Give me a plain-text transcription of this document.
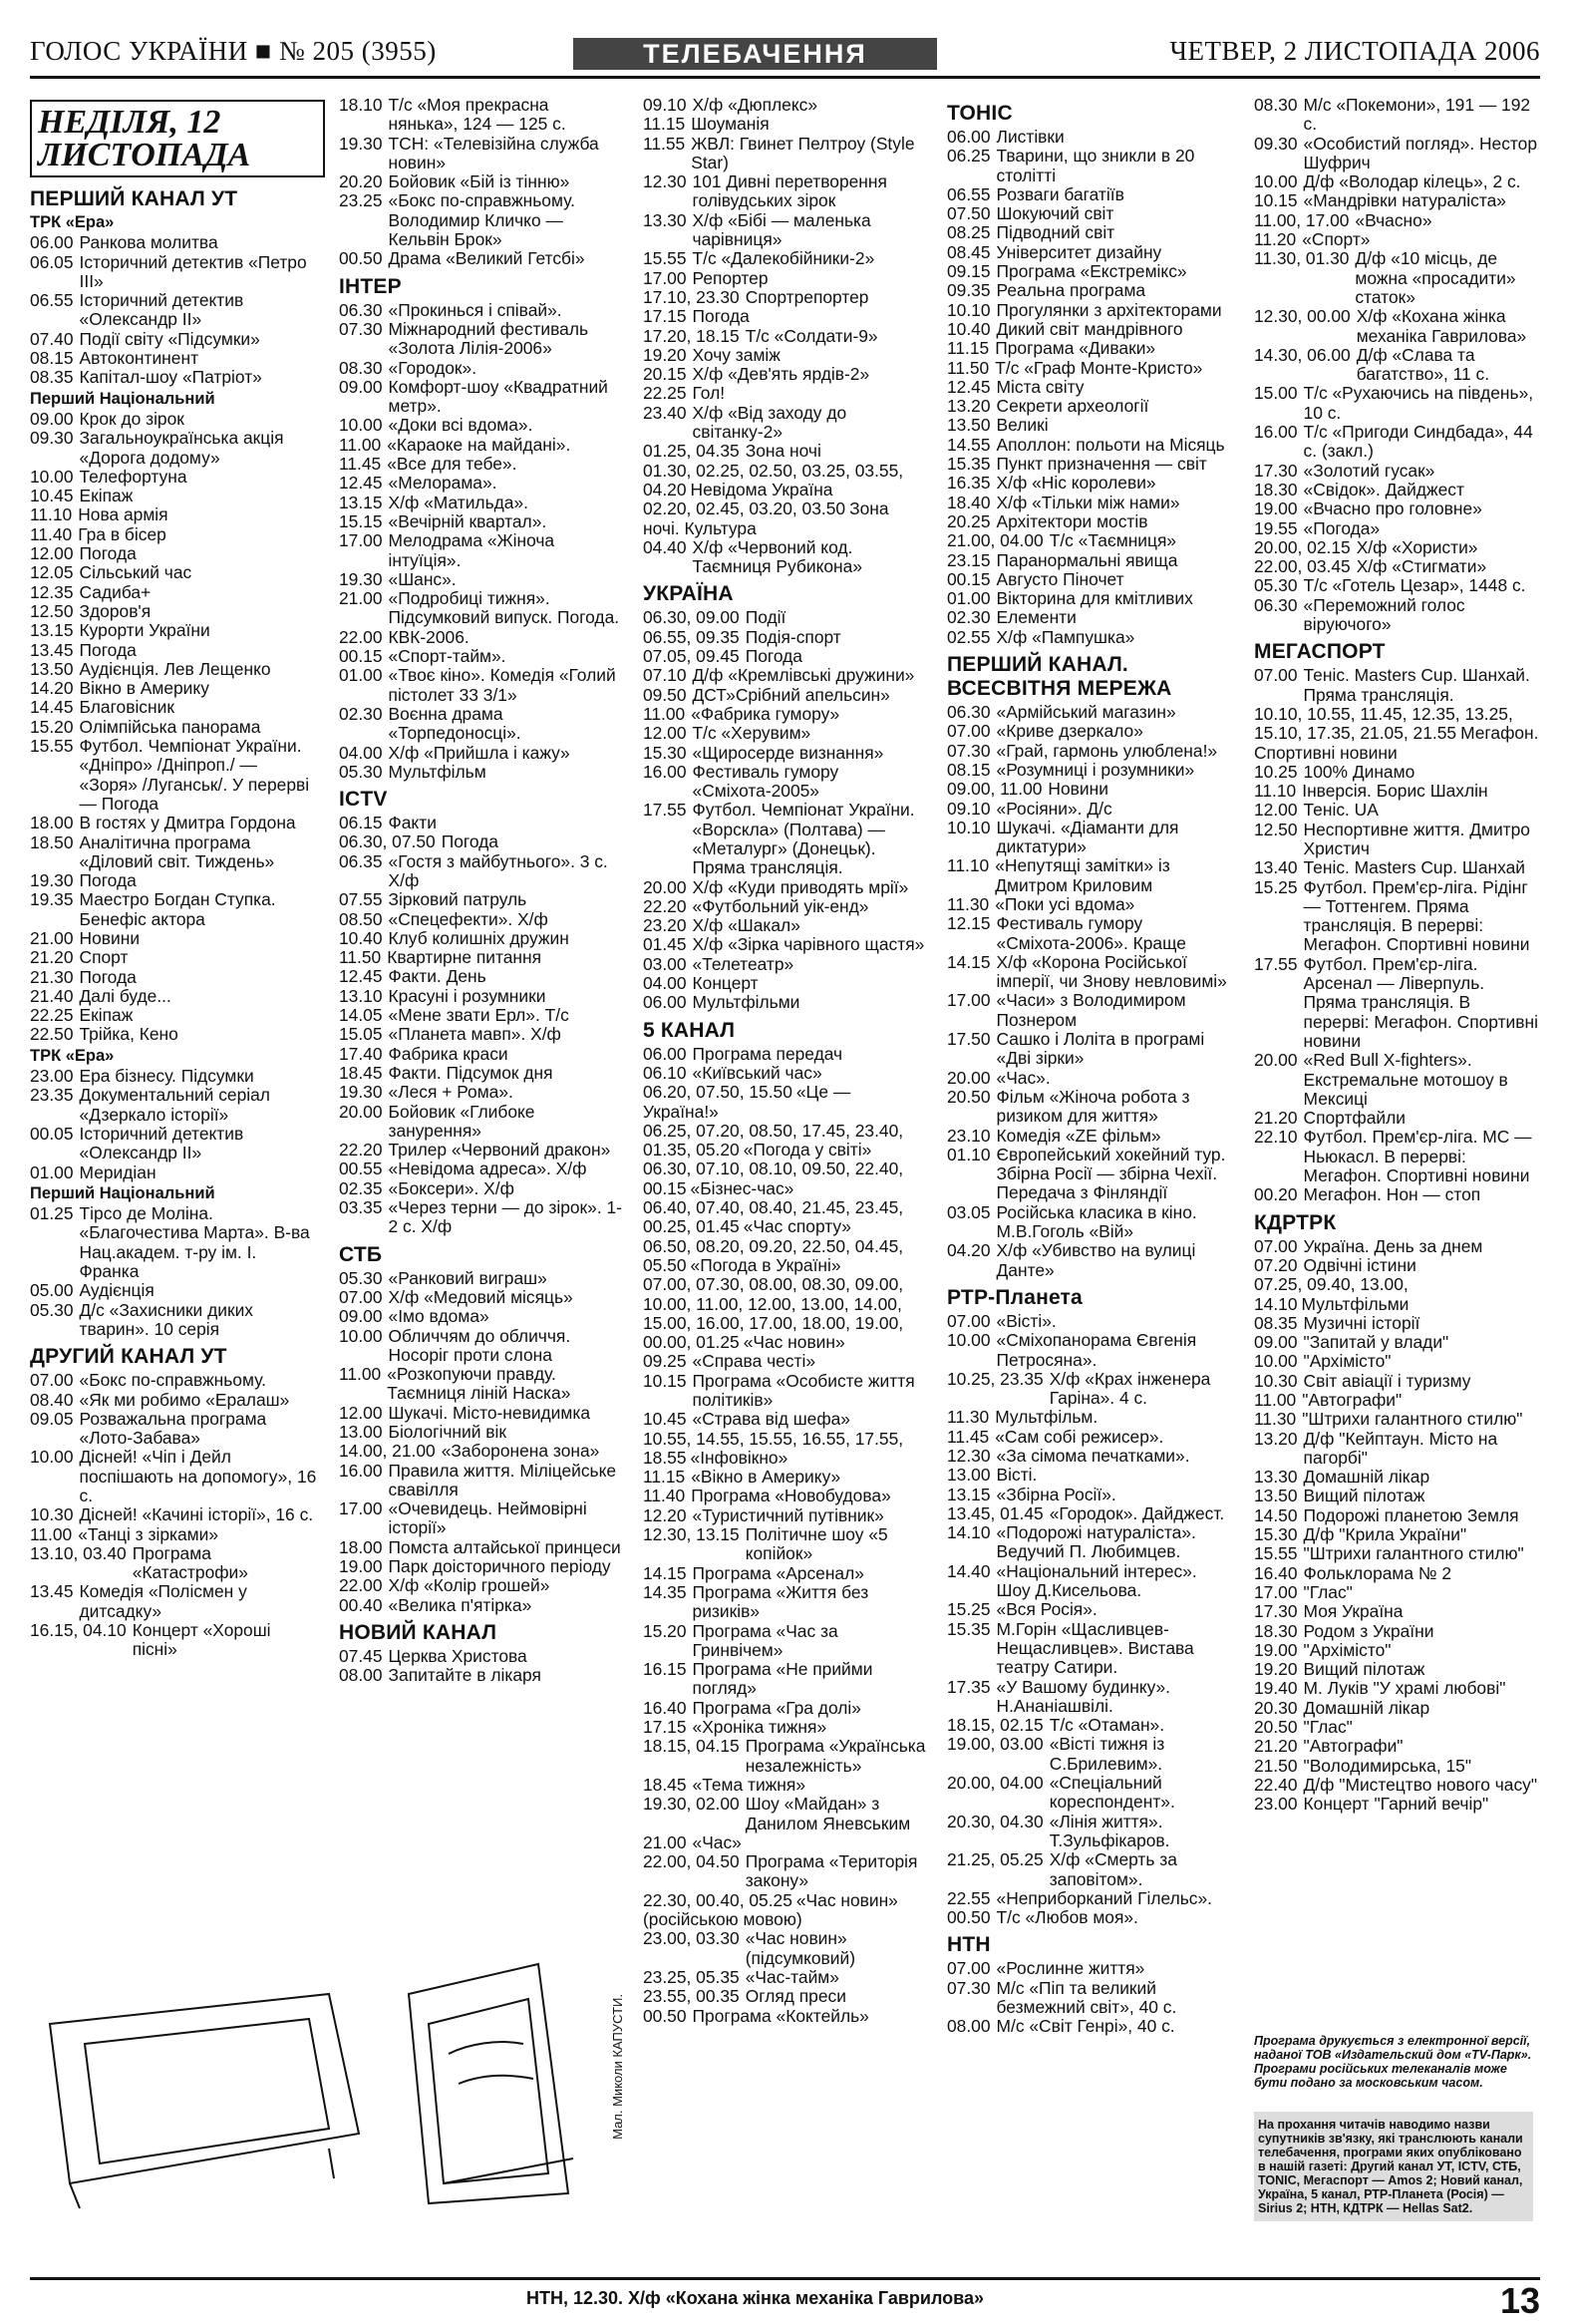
ГОЛОС УКРАЇНИ ■ № 205 (3955)	ТЕЛЕБАЧЕННЯ	ЧЕТВЕР, 2 ЛИСТОПАДА 2006
НЕДІЛЯ, 12 ЛИСТОПАДА
ПЕРШИЙ КАНАЛ УТ
ТРК «Ера»
06.00 Ранкова молитва
06.05 Історичний детектив «Петро III»
06.55 Історичний детектив «Олександр II»
07.40 Події світу «Підсумки»
08.15 Автоконтинент
08.35 Капітал-шоу «Патріот»
Перший Національний
09.00 Крок до зірок
09.30 Загальноукраїнська акція «Дорога додому»
10.00 Телефортуна
10.45 Екіпаж
11.10 Нова армія
11.40 Гра в бісер
12.00 Погода
12.05 Сільський час
12.35 Садиба+
12.50 Здоров'я
13.15 Курорти України
13.45 Погода
13.50 Аудієнція. Лев Лещенко
14.20 Вікно в Америку
14.45 Благовісник
15.20 Олімпійська панорама
15.55 Футбол. Чемпіонат України. «Дніпро» /Дніпроп./ — «Зоря» /Луганськ/. У перерві — Погода
18.00 В гостях у Дмитра Гордона
18.50 Аналітична програма «Діловий світ. Тиждень»
19.30 Погода
19.35 Маестро Богдан Ступка. Бенефіс актора
21.00 Новини
21.20 Спорт
21.30 Погода
21.40 Далі буде...
22.25 Екіпаж
22.50 Трійка, Кено
ТРК «Ера»
23.00 Ера бізнесу. Підсумки
23.35 Документальний серіал «Дзеркало історії»
00.05 Історичний детектив «Олександр II»
01.00 Меридіан
Перший Національний
01.25 Тірсо де Моліна. «Благочестива Марта». В-ва Нац.академ. т-ру ім. І. Франка
05.00 Аудієнція
05.30 Д/с «Захисники диких тварин». 10 серія
ДРУГИЙ КАНАЛ УТ
07.00 «Бокс по-справжньому.
08.40 «Як ми робимо «Ералаш»
09.05 Розважальна програма «Лото-Забава»
10.00 Дісней! «Чіп і Дейл поспішають на допомогу», 16 с.
10.30 Дісней! «Качині історії», 16 с.
11.00 «Танці з зірками»
13.10, 03.40 Програма «Катастрофи»
13.45 Комедія «Полісмен у дитсадку»
16.15, 04.10 Концерт «Хороші пісні»
18.10 Т/с «Моя прекрасна нянька», 124 — 125 с.
19.30 ТСН: «Телевізійна служба новин»
20.20 Бойовик «Бій із тінню»
23.25 «Бокс по-справжньому. Володимир Кличко — Кельвін Брок»
00.50 Драма «Великий Гетсбі»
ІНТЕР
06.30 «Прокинься і співай».
07.30 Міжнародний фестиваль «Золота Лілія-2006»
08.30 «Городок».
09.00 Комфорт-шоу «Квадратний метр».
10.00 «Доки всі вдома».
11.00 «Караоке на майдані».
11.45 «Все для тебе».
12.45 «Мелорама».
13.15 Х/ф «Матильда».
15.15 «Вечірній квартал».
17.00 Мелодрама «Жіноча інтуїція».
19.30 «Шанс».
21.00 «Подробиці тижня». Підсумковий випуск. Погода.
22.00 КВК-2006.
00.15 «Спорт-тайм».
01.00 «Твоє кіно». Комедія «Голий пістолет 33 3/1»
02.30 Воєнна драма «Торпедоносці».
04.00 Х/ф «Прийшла і кажу»
05.30 Мультфільм
ICTV
06.15 Факти
06.30, 07.50 Погода
06.35 «Гостя з майбутнього». 3 с. Х/ф
07.55 Зірковий патруль
08.50 «Спецефекти». Х/ф
10.40 Клуб колишніх дружин
11.50 Квартирне питання
12.45 Факти. День
13.10 Красуні і розумники
14.05 «Мене звати Ерл». Т/с
15.05 «Планета мавп». Х/ф
17.40 Фабрика краси
18.45 Факти. Підсумок дня
19.30 «Леся + Рома».
20.00 Бойовик «Глибоке занурення»
22.20 Трилер «Червоний дракон»
00.55 «Невідома адреса». Х/ф
02.35 «Боксери». Х/ф
03.35 «Через терни — до зірок». 1-2 с. Х/ф
СТБ
05.30 «Ранковий виграш»
07.00 Х/ф «Медовий місяць»
09.00 «Імо вдома»
10.00 Обличчям до обличчя. Носоріг проти слона
11.00 «Розкопуючи правду. Таємниця ліній Наска»
12.00 Шукачі. Місто-невидимка
13.00 Біологічний вік
14.00, 21.00 «Заборонена зона»
16.00 Правила життя. Міліцейське свавілля
17.00 «Очевидець. Неймовірні історії»
18.00 Помста алтайської принцеси
19.00 Парк доісторичного періоду
22.00 Х/ф «Колір грошей»
00.40 «Велика п'ятірка»
НОВИЙ КАНАЛ
07.45 Церква Христова
08.00 Запитайте в лікаря
09.10 Х/ф «Дюплекс»
11.15 Шоуманія
11.55 ЖВЛ: Гвинет Пелтроу (Style Star)
12.30 101 Дивні перетворення голівудських зірок
13.30 Х/ф «Бібі — маленька чарівниця»
15.55 Т/с «Далекобійники-2»
17.00 Репортер
17.10, 23.30 Спортрепортер
17.15 Погода
17.20, 18.15 Т/с «Солдати-9»
19.20 Хочу заміж
20.15 Х/ф «Дев'ять ярдів-2»
22.25 Гол!
23.40 Х/ф «Від заходу до світанку-2»
01.25, 04.35 Зона ночі
01.30, 02.25, 02.50, 03.25, 03.55, 04.20 Невідома Україна
02.20, 02.45, 03.20, 03.50 Зона ночі. Культура
04.40 Х/ф «Червоний код. Таємниця Рубикона»
УКРАЇНА
06.30, 09.00 Події
06.55, 09.35 Подія-спорт
07.05, 09.45 Погода
07.10 Д/ф «Кремлівські дружини»
09.50 ДСТ»Срібний апельсин»
11.00 «Фабрика гумору»
12.00 Т/с «Херувим»
15.30 «Щиросерде визнання»
16.00 Фестиваль гумору «Сміхота-2005»
17.55 Футбол. Чемпіонат України. «Ворскла» (Полтава) — «Металург» (Донецьк). Пряма трансляція.
20.00 Х/ф «Куди приводять мрії»
22.20 «Футбольний уік-енд»
23.20 Х/ф «Шакал»
01.45 Х/ф «Зірка чарівного щастя»
03.00 «Телетеатр»
04.00 Концерт
06.00 Мультфільми
5 КАНАЛ
06.00 Програма передач
06.10 «Київський час»
06.20, 07.50, 15.50 «Це — Україна!»
06.25, 07.20, 08.50, 17.45, 23.40, 01.35, 05.20 «Погода у світі»
06.30, 07.10, 08.10, 09.50, 22.40, 00.15 «Бізнес-час»
06.40, 07.40, 08.40, 21.45, 23.45, 00.25, 01.45 «Час спорту»
06.50, 08.20, 09.20, 22.50, 04.45, 05.50 «Погода в Україні»
07.00, 07.30, 08.00, 08.30, 09.00, 10.00, 11.00, 12.00, 13.00, 14.00, 15.00, 16.00, 17.00, 18.00, 19.00, 00.00, 01.25 «Час новин»
09.25 «Справа честі»
10.15 Програма «Особисте життя політиків»
10.45 «Страва від шефа»
10.55, 14.55, 15.55, 16.55, 17.55, 18.55 «Інфовікно»
11.15 «Вікно в Америку»
11.40 Програма «Новобудова»
12.20 «Туристичний путівник»
12.30, 13.15 Політичне шоу «5 копійок»
14.15 Програма «Арсенал»
14.35 Програма «Життя без ризиків»
15.20 Програма «Час за Гринвічем»
16.15 Програма «Не прийми погляд»
16.40 Програма «Гра долі»
17.15 «Хроніка тижня»
18.15, 04.15 Програма «Українська незалежність»
18.45 «Тема тижня»
19.30, 02.00 Шоу «Майдан» з Данилом Яневським
21.00 «Час»
22.00, 04.50 Програма «Територія закону»
22.30, 00.40, 05.25 «Час новин» (російською мовою)
23.00, 03.30 «Час новин» (підсумковий)
23.25, 05.35 «Час-тайм»
23.55, 00.35 Огляд преси
00.50 Програма «Коктейль»
ТОНІС
06.00 Листівки
06.25 Тварини, що зникли в 20 столітті
06.55 Розваги багатіїв
07.50 Шокуючий світ
08.25 Підводний світ
08.45 Університет дизайну
09.15 Програма «Екстремікс»
09.35 Реальна програма
10.10 Прогулянки з архітекторами
10.40 Дикий світ мандрівного
11.15 Програма «Диваки»
11.50 Т/с «Граф Монте-Кристо»
12.45 Міста світу
13.20 Секрети археології
13.50 Великі
14.55 Аполлон: польоти на Місяць
15.35 Пункт призначення — світ
16.35 Х/ф «Ніс королеви»
18.40 Х/ф «Тільки між нами»
20.25 Архітектори мостів
21.00, 04.00 Т/с «Таємниця»
23.15 Паранормальні явища
00.15 Августо Піночет
01.00 Вікторина для кмітливих
02.30 Елементи
02.55 Х/ф «Пампушка»
ПЕРШИЙ КАНАЛ. ВСЕСВІТНЯ МЕРЕЖА
06.30 «Армійський магазин»
07.00 «Криве дзеркало»
07.30 «Грай, гармонь улюблена!»
08.15 «Розумниці і розумники»
09.00, 11.00 Новини
09.10 «Росіяни». Д/с
10.10 Шукачі. «Діаманти для диктатури»
11.10 «Непутящі замітки» із Дмитром Криловим
11.30 «Поки усі вдома»
12.15 Фестиваль гумору «Сміхота-2006». Краще
14.15 Х/ф «Корона Російської імперії, чи Знову невловимі»
17.00 «Часи» з Володимиром Познером
17.50 Сашко і Лоліта в програмі «Дві зірки»
20.00 «Час».
20.50 Фільм «Жіноча робота з ризиком для життя»
23.10 Комедія «ZE фільм»
01.10 Європейський хокейний тур. Збірна Росії — збірна Чехії. Передача з Фінляндії
03.05 Російська класика в кіно. М.В.Гоголь «Вій»
04.20 Х/ф «Убивство на вулиці Данте»
РТР-Планета
07.00 «Вісті».
10.00 «Сміхопанорама Євгенія Петросяна».
10.25, 23.35 Х/ф «Крах інженера Гаріна». 4 с.
11.30 Мультфільм.
11.45 «Сам собі режисер».
12.30 «За сімома печатками».
13.00 Вісті.
13.15 «Збірна Росії».
13.45, 01.45 «Городок». Дайджест.
14.10 «Подорожі натураліста». Ведучий П. Любимцев.
14.40 «Національний інтерес». Шоу Д.Кисельова.
15.25 «Вся Росія».
15.35 М.Горін «Щасливцев-Нещасливцев». Вистава театру Сатири.
17.35 «У Вашому будинку». Н.Ананіашвілі.
18.15, 02.15 Т/с «Отаман».
19.00, 03.00 «Вісті тижня із С.Брилевим».
20.00, 04.00 «Спеціальний кореспондент».
20.30, 04.30 «Лінія життя». Т.Зульфікаров.
21.25, 05.25 Х/ф «Смерть за заповітом».
22.55 «Неприборканий Гілельс».
00.50 Т/с «Любов моя».
НТН
07.00 «Рослинне життя»
07.30 М/с «Піп та великий безмежний світ», 40 с.
08.00 М/с «Світ Генрі», 40 с.
08.30 М/с «Покемони», 191 — 192 с.
09.30 «Особистий погляд». Нестор Шуфрич
10.00 Д/ф «Володар кілець», 2 с.
10.15 «Мандрівки натураліста»
11.00, 17.00 «Вчасно»
11.20 «Спорт»
11.30, 01.30 Д/ф «10 місць, де можна «просадити» статок»
12.30, 00.00 Х/ф «Кохана жінка механіка Гаврилова»
14.30, 06.00 Д/ф «Слава та багатство», 11 с.
15.00 Т/с «Рухаючись на південь», 10 с.
16.00 Т/с «Пригоди Синдбада», 44 с. (закл.)
17.30 «Золотий гусак»
18.30 «Свідок». Дайджест
19.00 «Вчасно про головне»
19.55 «Погода»
20.00, 02.15 Х/ф «Хористи»
22.00, 03.45 Х/ф «Стигмати»
05.30 Т/с «Готель Цезар», 1448 с.
06.30 «Переможний голос віруючого»
МЕГАСПОРТ
07.00 Теніс. Masters Cup. Шанхай. Пряма трансляція.
10.10, 10.55, 11.45, 12.35, 13.25, 15.10, 17.35, 21.05, 21.55 Мегафон. Спортивні новини
10.25 100% Динамо
11.10 Інверсія. Борис Шахлін
12.00 Теніс. UA
12.50 Неспортивне життя. Дмитро Христич
13.40 Теніс. Masters Cup. Шанхай
15.25 Футбол. Прем'єр-ліга. Рідінг — Тоттенгем. Пряма трансляція. В перерві: Мегафон. Спортивні новини
17.55 Футбол. Прем'єр-ліга. Арсенал — Ліверпуль. Пряма трансляція. В перерві: Мегафон. Спортивні новини
20.00 «Red Bull X-fighters». Екстремальне мотошоу в Мексиці
21.20 Спортфайли
22.10 Футбол. Прем'єр-ліга. МС — Ньюкасл. В перерві: Мегафон. Спортивні новини
00.20 Мегафон. Нон — стоп
КДРТРК
07.00 Україна. День за днем
07.20 Одвічні істини
07.25, 09.40, 13.00, 14.10 Мультфільми
08.35 Музичні історії
09.00 "Запитай у влади"
10.00 "Архімісто"
10.30 Світ авіації і туризму
11.00 "Автографи"
11.30 "Штрихи галантного стилю"
13.20 Д/ф "Кейптаун. Місто на пагорбі"
13.30 Домашній лікар
13.50 Вищий пілотаж
14.50 Подорожі планетою Земля
15.30 Д/ф "Крила України"
15.55 "Штрихи галантного стилю"
16.40 Фольклорама № 2
17.00 "Глас"
17.30 Моя Україна
18.30 Родом з України
19.00 "Архімісто"
19.20 Вищий пілотаж
19.40 М. Луків "У храмі любові"
20.30 Домашній лікар
20.50 "Глас"
21.20 "Автографи"
21.50 "Володимирська, 15"
22.40 Д/ф "Мистецтво нового часу"
23.00 Концерт "Гарний вечір"
Мал. Миколи КАПУСТИ.	Програма друкується з електронної версії, наданої ТОВ «Издательский дом «TV-Парк». Програми російських телеканалів може бути подано за московським часом.
На прохання читачів наводимо назви супутників зв'язку, які транслюють канали телебачення, програми яких опубліковано в нашій газеті: Другий канал УТ, ICTV, СТБ, TONIC, Мегаспорт — Amos 2; Новий канал, Україна, 5 канал, РТР-Планета (Росія) — Sirius 2; НТН, КДТРК — Hellas Sat2.
НТН, 12.30. Х/ф «Кохана жінка механіка Гаврилова»	13
